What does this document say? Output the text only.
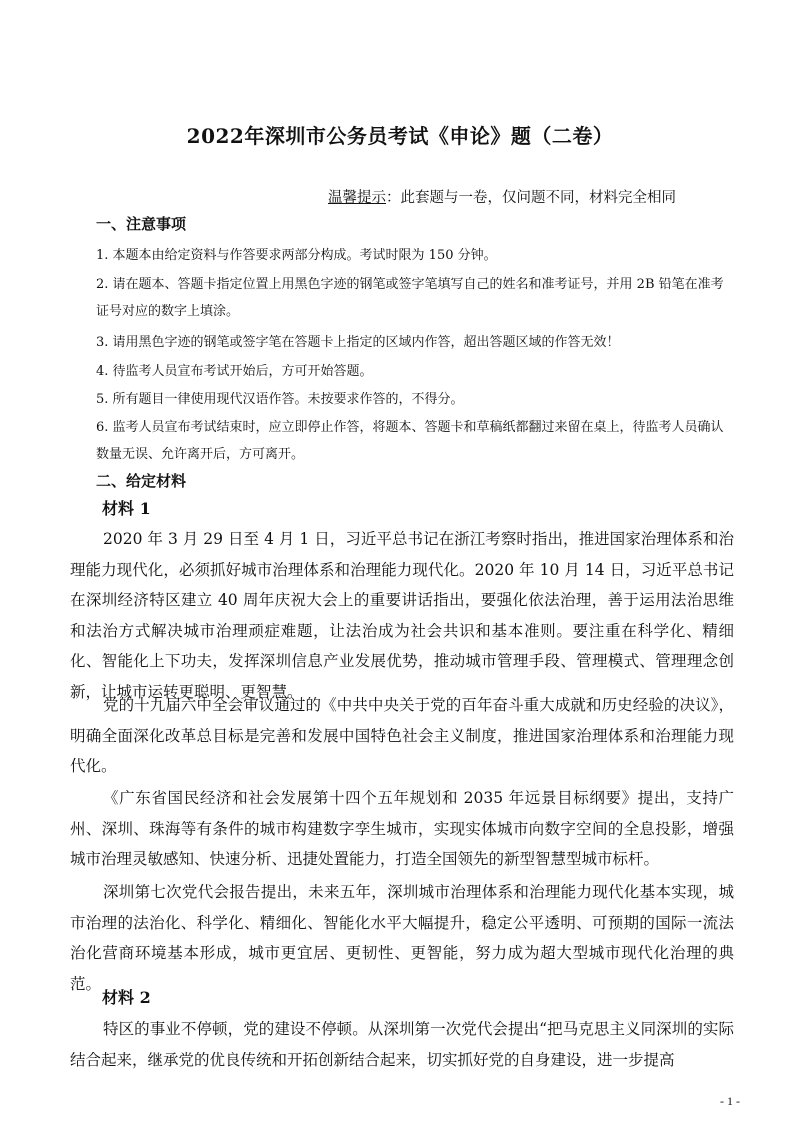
2022年深圳市公务员考试《申论》题（二卷）
温馨提示：此套题与一卷，仅问题不同，材料完全相同
一、注意事项
1. 本题本由给定资料与作答要求两部分构成。考试时限为 150 分钟。
2. 请在题本、答题卡指定位置上用黑色字迹的钢笔或签字笔填写自己的姓名和准考证号，并用 2B 铅笔在准考证号对应的数字上填涂。
3. 请用黑色字迹的钢笔或签字笔在答题卡上指定的区域内作答，超出答题区域的作答无效！
4. 待监考人员宣布考试开始后，方可开始答题。
5. 所有题目一律使用现代汉语作答。未按要求作答的，不得分。
6. 监考人员宣布考试结束时，应立即停止作答，将题本、答题卡和草稿纸都翻过来留在桌上，待监考人员确认数量无误、允许离开后，方可离开。
二、给定材料
材料 1
2020 年 3 月 29 日至 4 月 1 日，习近平总书记在浙江考察时指出，推进国家治理体系和治理能力现代化，必须抓好城市治理体系和治理能力现代化。2020 年 10 月 14 日，习近平总书记在深圳经济特区建立 40 周年庆祝大会上的重要讲话指出，要强化依法治理，善于运用法治思维和法治方式解决城市治理顽症难题，让法治成为社会共识和基本准则。要注重在科学化、精细化、智能化上下功夫，发挥深圳信息产业发展优势，推动城市管理手段、管理模式、管理理念创新，让城市运转更聪明、更智慧。
党的十九届六中全会审议通过的《中共中央关于党的百年奋斗重大成就和历史经验的决议》，明确全面深化改革总目标是完善和发展中国特色社会主义制度，推进国家治理体系和治理能力现代化。
《广东省国民经济和社会发展第十四个五年规划和 2035 年远景目标纲要》提出，支持广州、深圳、珠海等有条件的城市构建数字孪生城市，实现实体城市向数字空间的全息投影，增强城市治理灵敏感知、快速分析、迅捷处置能力，打造全国领先的新型智慧型城市标杆。
深圳第七次党代会报告提出，未来五年，深圳城市治理体系和治理能力现代化基本实现，城市治理的法治化、科学化、精细化、智能化水平大幅提升，稳定公平透明、可预期的国际一流法治化营商环境基本形成，城市更宜居、更韧性、更智能，努力成为超大型城市现代化治理的典范。
材料 2
特区的事业不停顿，党的建设不停顿。从深圳第一次党代会提出“把马克思主义同深圳的实际结合起来，继承党的优良传统和开拓创新结合起来，切实抓好党的自身建设，进一步提高
- 1 -
